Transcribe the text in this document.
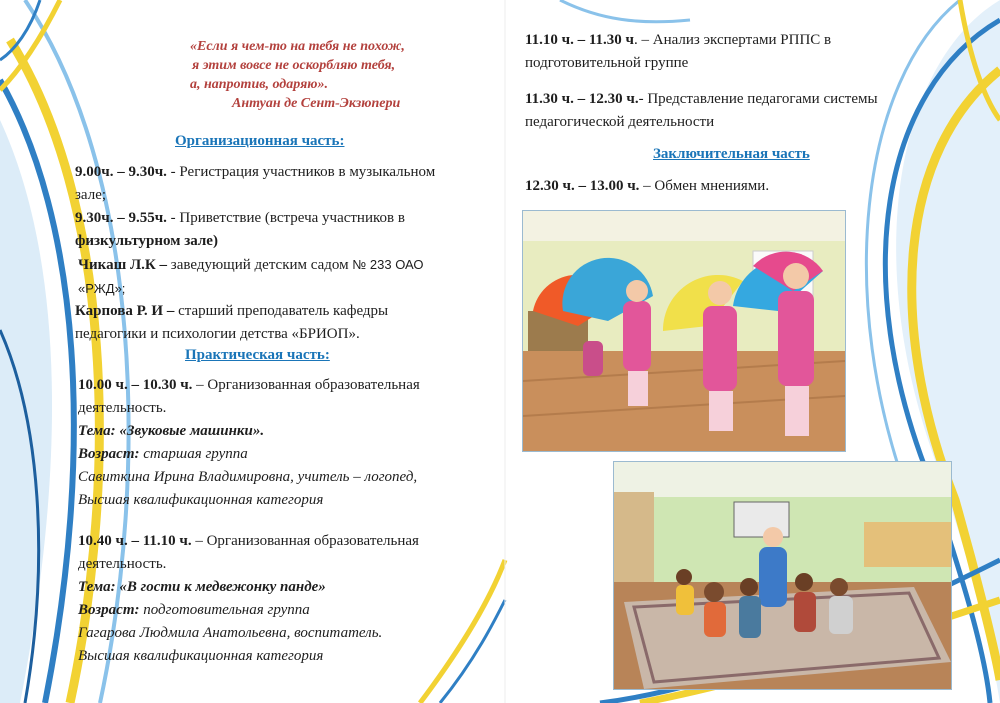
«Если я чем-то на тебя не похож,
я этим вовсе не оскорбляю тебя,
а, напротив, одаряю».
Антуан де Сент-Экзюпери
Организационная часть:
9.00ч. – 9.30ч. - Регистрация участников в музыкальном
зале;
9.30ч. – 9.55ч. - Приветствие (встреча участников в
физкультурном зале)
Чикаш Л.К – заведующий детским садом № 233 ОАО
«РЖД»;
Карпова Р. И – старший преподаватель кафедры
педагогики и психологии детства «БРИОП».
Практическая часть:
10.00 ч. – 10.30 ч. – Организованная образовательная
деятельность.
Тема: «Звуковые машинки».
Возраст: старшая группа
Савиткина Ирина Владимировна, учитель – логопед,
Высшая квалификационная категория
10.40 ч. – 11.10 ч. – Организованная образовательная
деятельность.
Тема: «В гости к медвежонку панде»
Возраст: подготовительная группа
Гагарова Людмила Анатольевна, воспитатель.
Высшая квалификационная категория
11.10 ч. – 11.30 ч. – Анализ экспертами РППС в
подготовительной группе
11.30 ч. – 12.30 ч.- Представление педагогами системы
педагогической деятельности
Заключительная часть
12.30 ч. – 13.00 ч. – Обмен мнениями.
